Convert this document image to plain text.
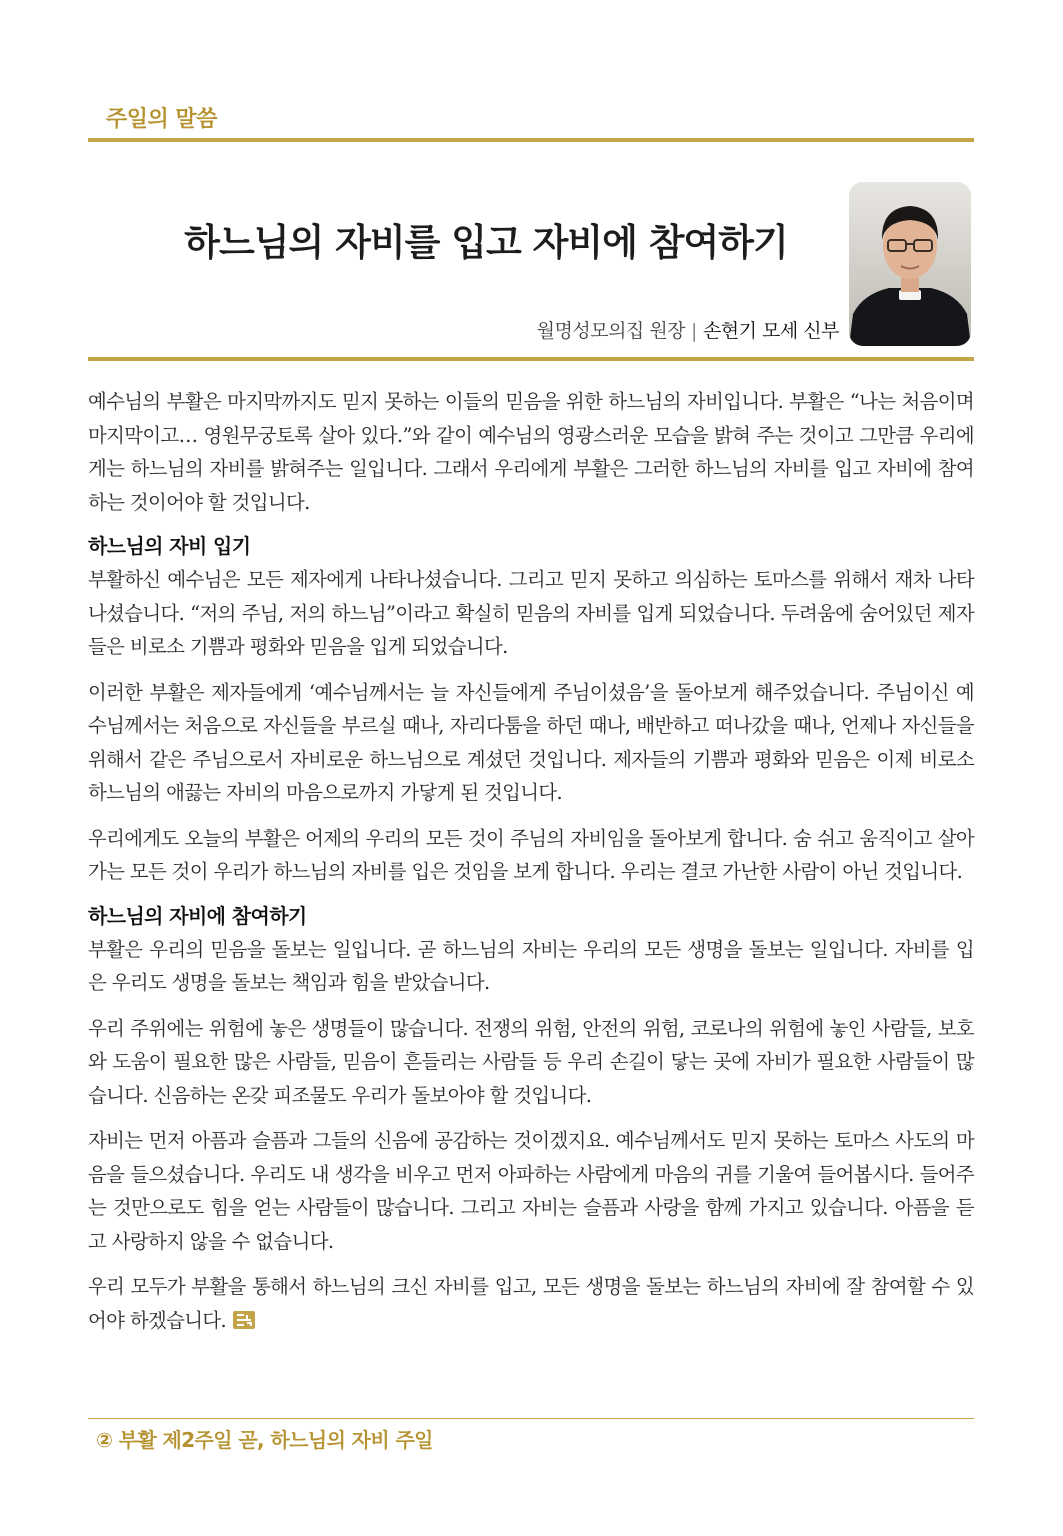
주일의 말씀
하느님의 자비를 입고 자비에 참여하기
월명성모의집 원장 | 손현기 모세 신부

예수님의 부활은 마지막까지도 믿지 못하는 이들의 믿음을 위한 하느님의 자비입니다. 부활은 “나는 처음이며 마지막이고… 영원무궁토록 살아 있다.”와 같이 예수님의 영광스러운 모습을 밝혀 주는 것이고 그만큼 우리에게는 하느님의 자비를 밝혀주는 일입니다. 그래서 우리에게 부활은 그러한 하느님의 자비를 입고 자비에 참여하는 것이어야 할 것입니다.

하느님의 자비 입기

부활하신 예수님은 모든 제자에게 나타나셨습니다. 그리고 믿지 못하고 의심하는 토마스를 위해서 재차 나타나셨습니다. “저의 주님, 저의 하느님”이라고 확실히 믿음의 자비를 입게 되었습니다. 두려움에 숨어있던 제자들은 비로소 기쁨과 평화와 믿음을 입게 되었습니다.

이러한 부활은 제자들에게 ‘예수님께서는 늘 자신들에게 주님이셨음’을 돌아보게 해주었습니다. 주님이신 예수님께서는 처음으로 자신들을 부르실 때나, 자리다툼을 하던 때나, 배반하고 떠나갔을 때나, 언제나 자신들을 위해서 같은 주님으로서 자비로운 하느님으로 계셨던 것입니다. 제자들의 기쁨과 평화와 믿음은 이제 비로소 하느님의 애끓는 자비의 마음으로까지 가닿게 된 것입니다.

우리에게도 오늘의 부활은 어제의 우리의 모든 것이 주님의 자비임을 돌아보게 합니다. 숨 쉬고 움직이고 살아가는 모든 것이 우리가 하느님의 자비를 입은 것임을 보게 합니다. 우리는 결코 가난한 사람이 아닌 것입니다.

하느님의 자비에 참여하기

부활은 우리의 믿음을 돌보는 일입니다. 곧 하느님의 자비는 우리의 모든 생명을 돌보는 일입니다. 자비를 입은 우리도 생명을 돌보는 책임과 힘을 받았습니다.

우리 주위에는 위험에 놓은 생명들이 많습니다. 전쟁의 위험, 안전의 위험, 코로나의 위험에 놓인 사람들, 보호와 도움이 필요한 많은 사람들, 믿음이 흔들리는 사람들 등 우리 손길이 닿는 곳에 자비가 필요한 사람들이 많습니다. 신음하는 온갖 피조물도 우리가 돌보아야 할 것입니다.

자비는 먼저 아픔과 슬픔과 그들의 신음에 공감하는 것이겠지요. 예수님께서도 믿지 못하는 토마스 사도의 마음을 들으셨습니다. 우리도 내 생각을 비우고 먼저 아파하는 사람에게 마음의 귀를 기울여 들어봅시다. 들어주는 것만으로도 힘을 얻는 사람들이 많습니다. 그리고 자비는 슬픔과 사랑을 함께 가지고 있습니다. 아픔을 듣고 사랑하지 않을 수 없습니다.

우리 모두가 부활을 통해서 하느님의 크신 자비를 입고, 모든 생명을 돌보는 하느님의 자비에 잘 참여할 수 있어야 하겠습니다.

② 부활 제2주일 곧, 하느님의 자비 주일
